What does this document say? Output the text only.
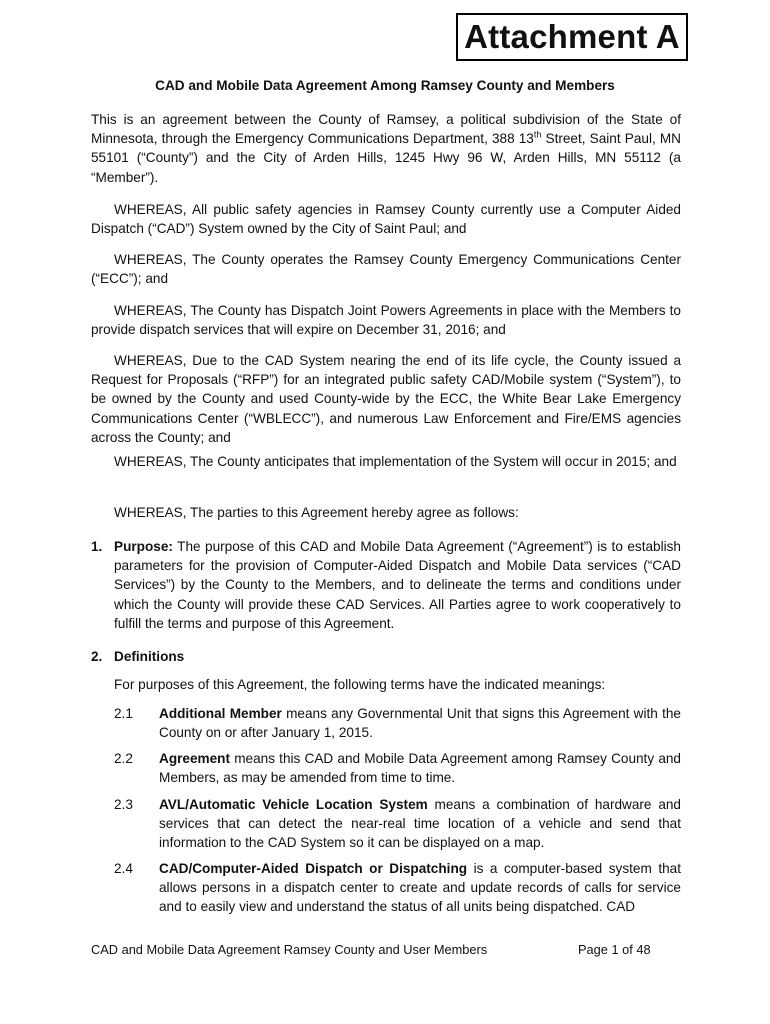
Attachment A
CAD and Mobile Data Agreement Among Ramsey County and Members
This is an agreement between the County of Ramsey, a political subdivision of the State of Minnesota, through the Emergency Communications Department, 388 13th Street, Saint Paul, MN 55101 (“County”) and the City of Arden Hills, 1245 Hwy 96 W, Arden Hills, MN 55112 (a “Member”).
WHEREAS, All public safety agencies in Ramsey County currently use a Computer Aided Dispatch (“CAD”) System owned by the City of Saint Paul; and
WHEREAS, The County operates the Ramsey County Emergency Communications Center (“ECC”); and
WHEREAS, The County has Dispatch Joint Powers Agreements in place with the Members to provide dispatch services that will expire on December 31, 2016; and
WHEREAS, Due to the CAD System nearing the end of its life cycle, the County issued a Request for Proposals (“RFP”) for an integrated public safety CAD/Mobile system (“System”), to be owned by the County and used County-wide by the ECC, the White Bear Lake Emergency Communications Center (“WBLECC”), and numerous Law Enforcement and Fire/EMS agencies across the County; and
WHEREAS, The County anticipates that implementation of the System will occur in 2015; and
WHEREAS, The parties to this Agreement hereby agree as follows:
1. Purpose: The purpose of this CAD and Mobile Data Agreement (“Agreement”) is to establish parameters for the provision of Computer-Aided Dispatch and Mobile Data services (“CAD Services”) by the County to the Members, and to delineate the terms and conditions under which the County will provide these CAD Services. All Parties agree to work cooperatively to fulfill the terms and purpose of this Agreement.
2. Definitions
For purposes of this Agreement, the following terms have the indicated meanings:
2.1 Additional Member means any Governmental Unit that signs this Agreement with the County on or after January 1, 2015.
2.2 Agreement means this CAD and Mobile Data Agreement among Ramsey County and Members, as may be amended from time to time.
2.3 AVL/Automatic Vehicle Location System means a combination of hardware and services that can detect the near-real time location of a vehicle and send that information to the CAD System so it can be displayed on a map.
2.4 CAD/Computer-Aided Dispatch or Dispatching is a computer-based system that allows persons in a dispatch center to create and update records of calls for service and to easily view and understand the status of all units being dispatched. CAD
CAD and Mobile Data Agreement Ramsey County and User Members	Page 1 of 48
